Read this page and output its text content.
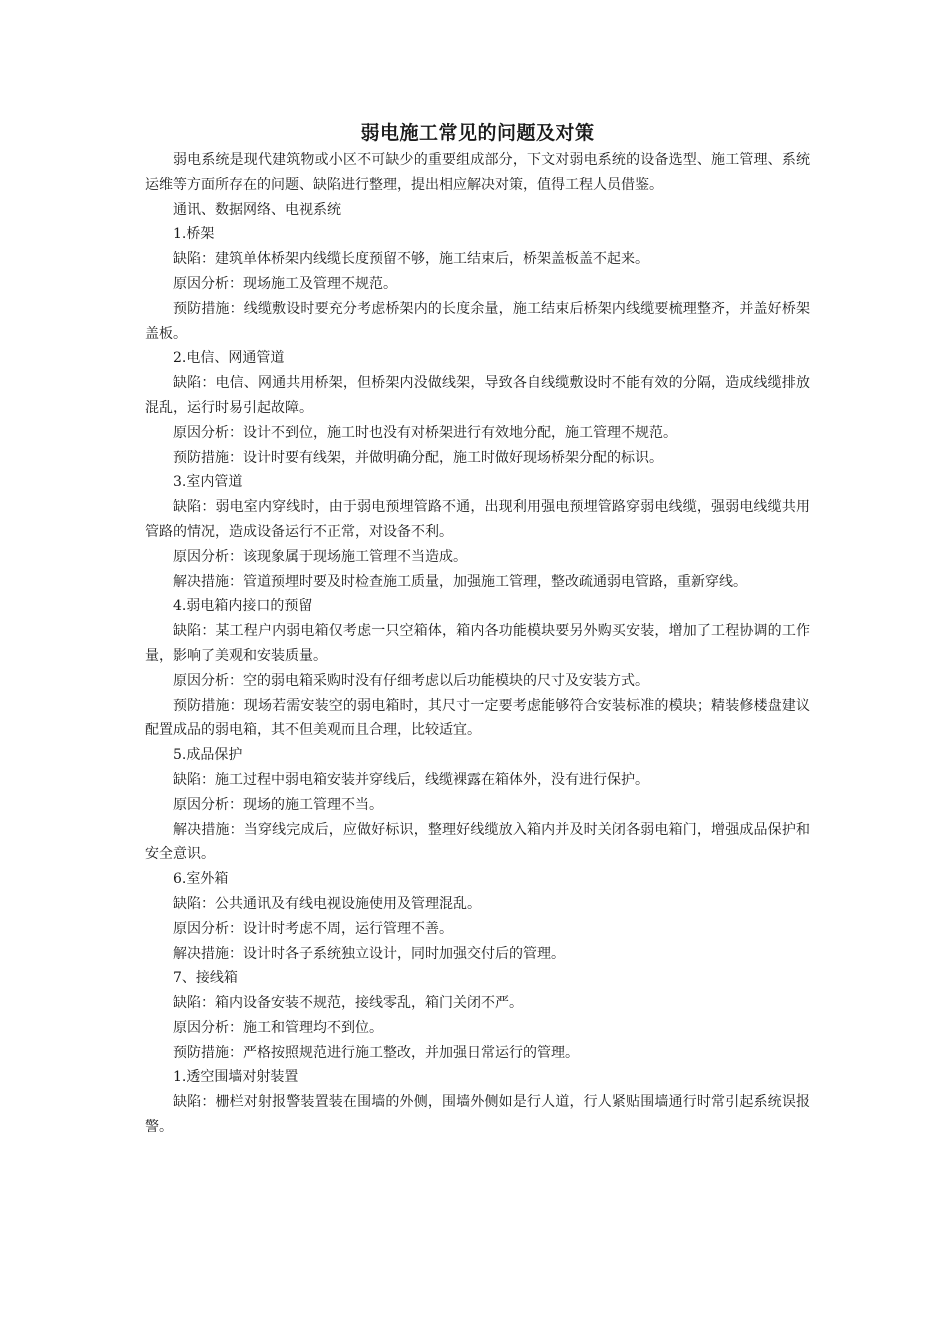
弱电施工常见的问题及对策

弱电系统是现代建筑物或小区不可缺少的重要组成部分，下文对弱电系统的设备选型、施工管理、系统运维等方面所存在的问题、缺陷进行整理，提出相应解决对策，值得工程人员借鉴。

通讯、数据网络、电视系统

1.桥架

缺陷：建筑单体桥架内线缆长度预留不够，施工结束后，桥架盖板盖不起来。

原因分析：现场施工及管理不规范。

预防措施：线缆敷设时要充分考虑桥架内的长度余量，施工结束后桥架内线缆要梳理整齐，并盖好桥架盖板。

2.电信、网通管道

缺陷：电信、网通共用桥架，但桥架内没做线架，导致各自线缆敷设时不能有效的分隔，造成线缆排放混乱，运行时易引起故障。

原因分析：设计不到位，施工时也没有对桥架进行有效地分配，施工管理不规范。

预防措施：设计时要有线架，并做明确分配，施工时做好现场桥架分配的标识。

3.室内管道

缺陷：弱电室内穿线时，由于弱电预埋管路不通，出现利用强电预埋管路穿弱电线缆，强弱电线缆共用管路的情况，造成设备运行不正常，对设备不利。

原因分析：该现象属于现场施工管理不当造成。

解决措施：管道预埋时要及时检查施工质量，加强施工管理，整改疏通弱电管路，重新穿线。

4.弱电箱内接口的预留

缺陷：某工程户内弱电箱仅考虑一只空箱体，箱内各功能模块要另外购买安装，增加了工程协调的工作量，影响了美观和安装质量。

原因分析：空的弱电箱采购时没有仔细考虑以后功能模块的尺寸及安装方式。

预防措施：现场若需安装空的弱电箱时，其尺寸一定要考虑能够符合安装标准的模块；精装修楼盘建议配置成品的弱电箱，其不但美观而且合理，比较适宜。

5.成品保护

缺陷：施工过程中弱电箱安装并穿线后，线缆裸露在箱体外，没有进行保护。

原因分析：现场的施工管理不当。

解决措施：当穿线完成后，应做好标识，整理好线缆放入箱内并及时关闭各弱电箱门，增强成品保护和安全意识。

6.室外箱

缺陷：公共通讯及有线电视设施使用及管理混乱。

原因分析：设计时考虑不周，运行管理不善。

解决措施：设计时各子系统独立设计，同时加强交付后的管理。

7、接线箱

缺陷：箱内设备安装不规范，接线零乱，箱门关闭不严。

原因分析：施工和管理均不到位。

预防措施：严格按照规范进行施工整改，并加强日常运行的管理。

1.透空围墙对射装置

缺陷：栅栏对射报警装置装在围墙的外侧，围墙外侧如是行人道，行人紧贴围墙通行时常引起系统误报警。
